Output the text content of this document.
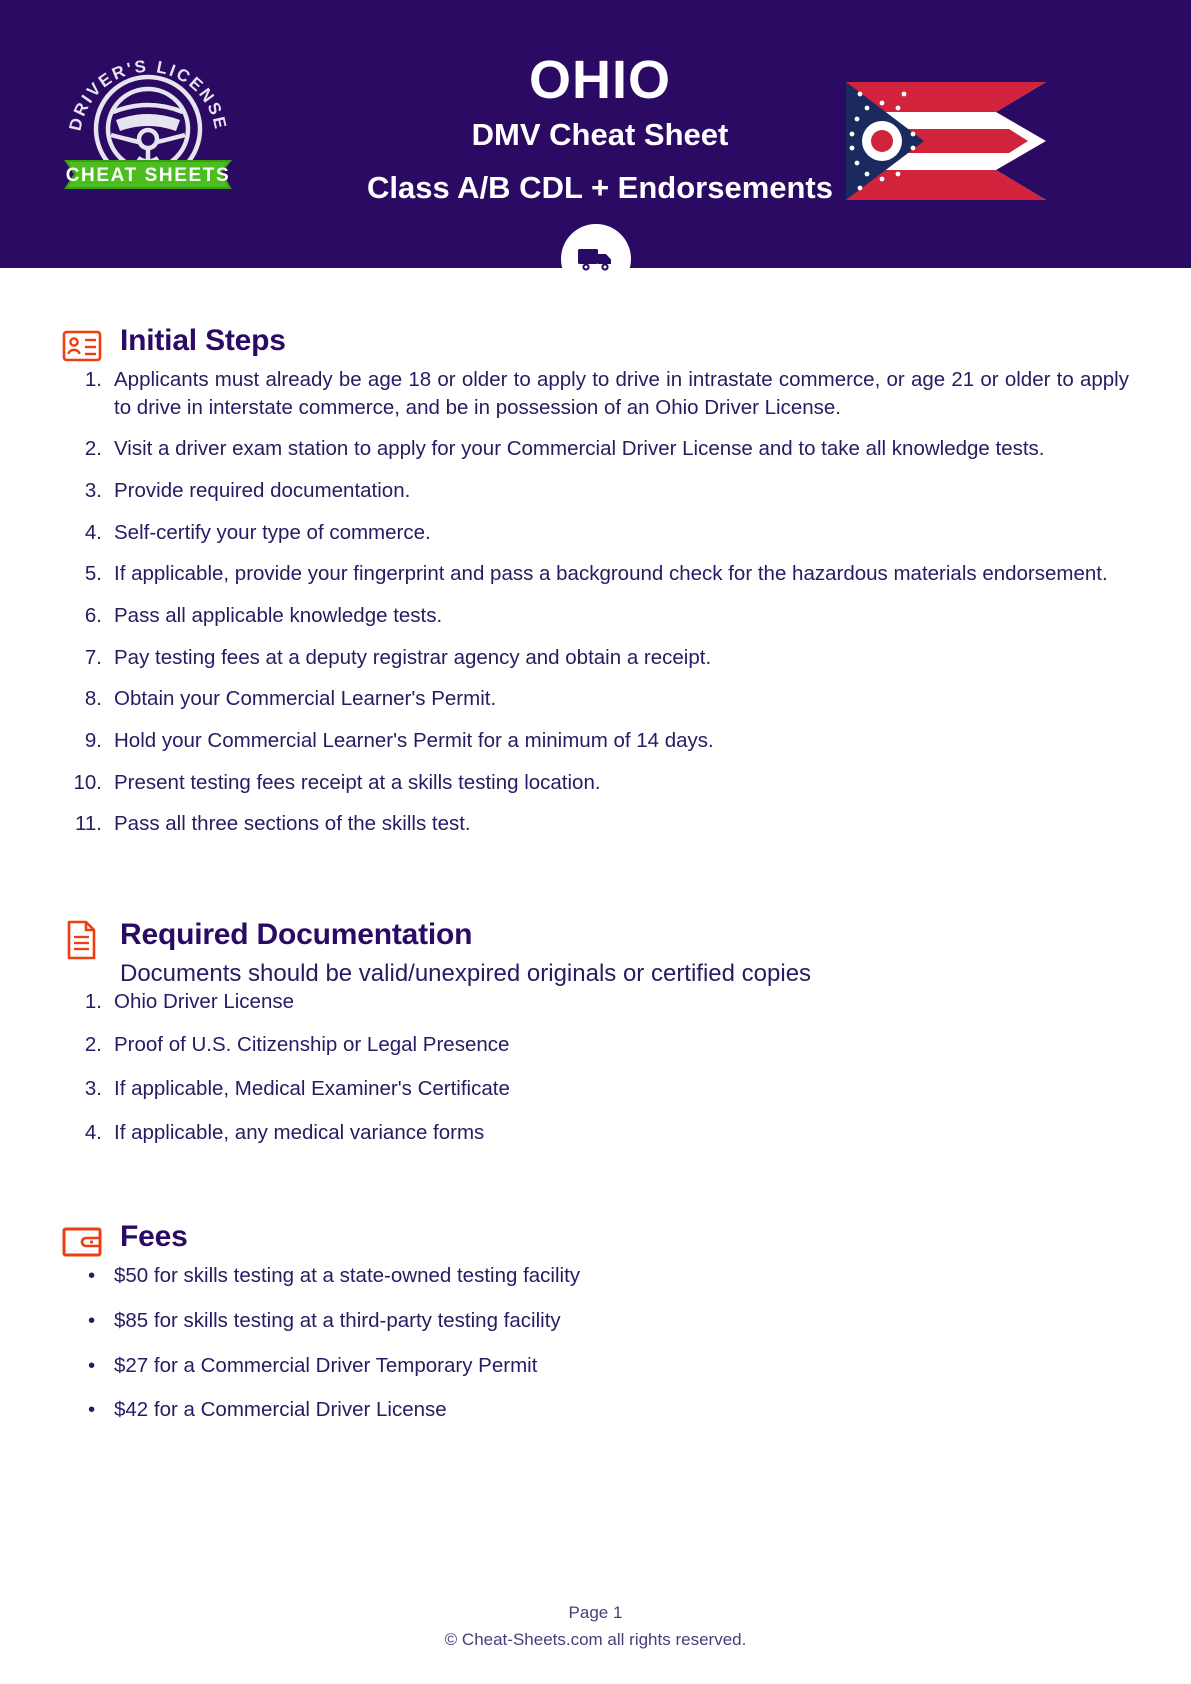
DRIVER'S LICENSE
CHEAT SHEETS
OHIO
DMV Cheat Sheet
Class A/B CDL + Endorsements
Initial Steps
Applicants must already be age 18 or older to apply to drive in intrastate commerce, or age 21 or older to apply to drive in interstate commerce, and be in possession of an Ohio Driver License.
Visit a driver exam station to apply for your Commercial Driver License and to take all knowledge tests.
Provide required documentation.
Self-certify your type of commerce.
If applicable, provide your fingerprint and pass a background check for the hazardous materials endorsement.
Pass all applicable knowledge tests.
Pay testing fees at a deputy registrar agency and obtain a receipt.
Obtain your Commercial Learner's Permit.
Hold your Commercial Learner's Permit for a minimum of 14 days.
Present testing fees receipt at a skills testing location.
Pass all three sections of the skills test.
Required Documentation

Documents should be valid/unexpired originals or certified copies

Ohio Driver License
Proof of U.S. Citizenship or Legal Presence
If applicable, Medical Examiner's Certificate
If applicable, any medical variance forms
Fees
• $50 for skills testing at a state-owned testing facility
• $85 for skills testing at a third-party testing facility
• $27 for a Commercial Driver Temporary Permit
• $42 for a Commercial Driver License
Page 1
© Cheat-Sheets.com all rights reserved.
